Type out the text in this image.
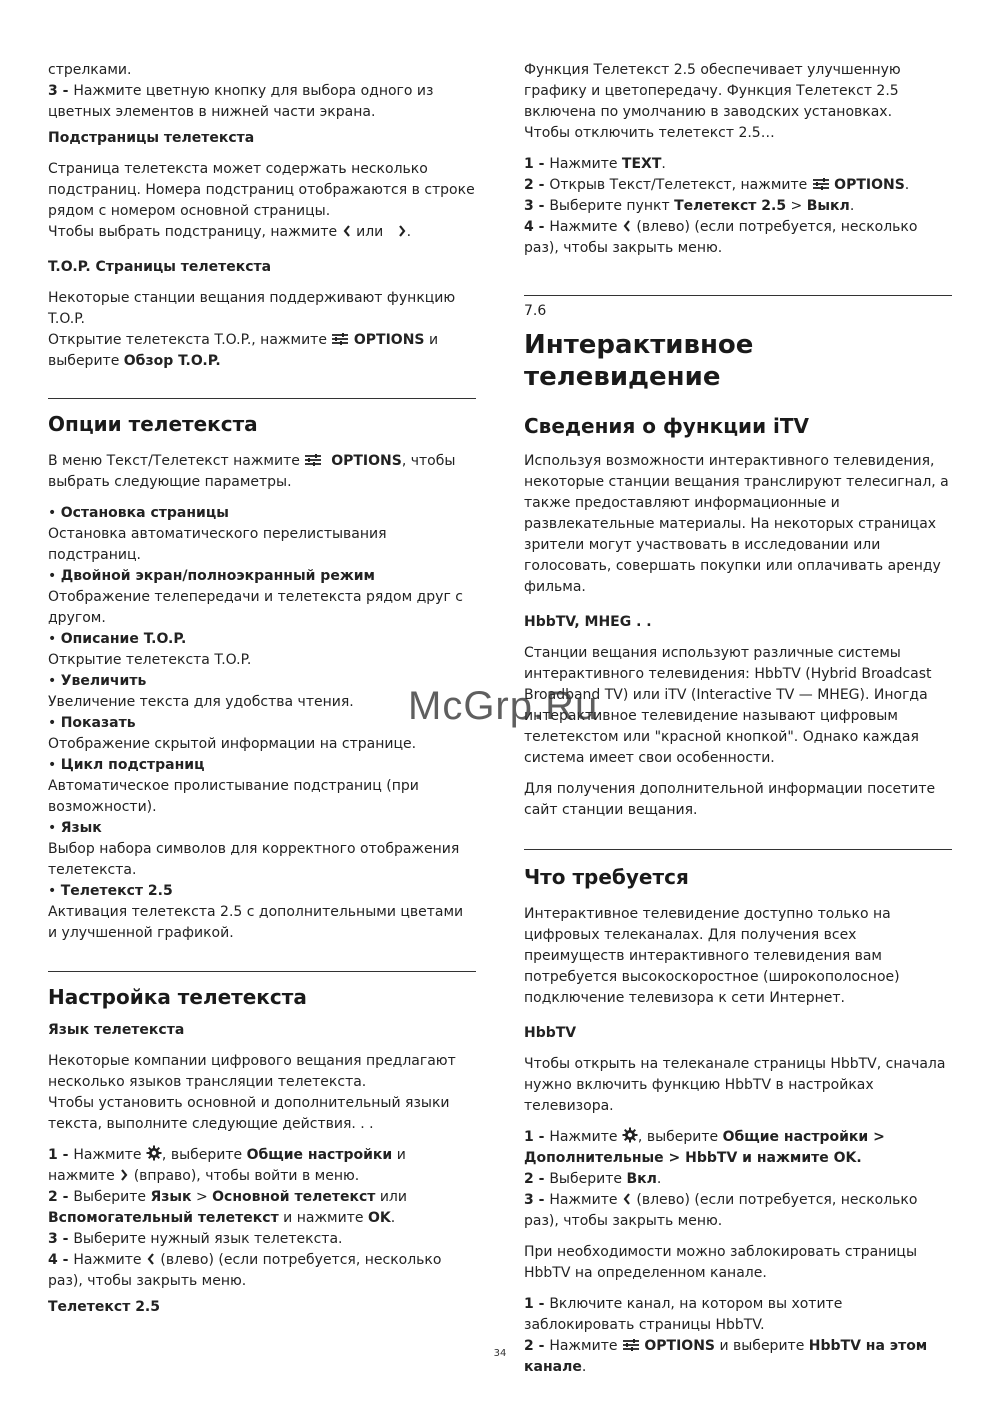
стрелками.

3 - Нажмите цветную кнопку для выбора одного из цветных элементов в нижней части экрана.

Подстраницы телетекста

Страница телетекста может содержать несколько подстраниц. Номера подстраниц отображаются в строке рядом с номером основной страницы.

Чтобы выбрать подстраницу, нажмите или .

T.O.P. Страницы телетекста

Некоторые станции вещания поддерживают функцию T.O.P.

Открытие телетекста T.O.P., нажмите OPTIONS и выберите Обзор T.O.P.

Опции телетекста

В меню Текст/Телетекст нажмите OPTIONS, чтобы выбрать следующие параметры.

• Остановка страницы

Остановка автоматического перелистывания подстраниц.

• Двойной экран/полноэкранный режим

Отображение телепередачи и телетекста рядом друг с другом.

• Описание T.O.P.

Открытие телетекста T.O.P.

• Увеличить

Увеличение текста для удобства чтения.

• Показать

Отображение скрытой информации на странице.

• Цикл подстраниц

Автоматическое пролистывание подстраниц (при возможности).

• Язык

Выбор набора символов для корректного отображения телетекста.

• Телетекст 2.5

Активация телетекста 2.5 с дополнительными цветами и улучшенной графикой.

Настройка телетекста

Язык телетекста

Некоторые компании цифрового вещания предлагают несколько языков трансляции телетекста.

Чтобы установить основной и дополнительный языки текста, выполните следующие действия. . .

1 - Нажмите , выберите Общие настройки и нажмите (вправо), чтобы войти в меню.

2 - Выберите Язык > Основной телетекст или Вспомогательный телетекст и нажмите OK.

3 - Выберите нужный язык телетекста.

4 - Нажмите (влево) (если потребуется, несколько раз), чтобы закрыть меню.

Телетекст 2.5

Функция Телетекст 2.5 обеспечивает улучшенную графику и цветопередачу. Функция Телетекст 2.5 включена по умолчанию в заводских установках.

Чтобы отключить телетекст 2.5…

1 - Нажмите TEXT.

2 - Открыв Текст/Телетекст, нажмите OPTIONS.

3 - Выберите пункт Телетекст 2.5 > Выкл.

4 - Нажмите (влево) (если потребуется, несколько раз), чтобы закрыть меню.

7.6

Интерактивное телевидение

Сведения о функции iTV

Используя возможности интерактивного телевидения, некоторые станции вещания транслируют телесигнал, а также предоставляют информационные и развлекательные материалы. На некоторых страницах зрители могут участвовать в исследовании или голосовать, совершать покупки или оплачивать аренду фильма.

HbbTV, MHEG . .

Станции вещания используют различные системы интерактивного телевидения: HbbTV (Hybrid Broadcast Broadband TV) или iTV (Interactive TV — MHEG). Иногда интерактивное телевидение называют цифровым телетекстом или "красной кнопкой". Однако каждая система имеет свои особенности.

Для получения дополнительной информации посетите сайт станции вещания.

Что требуется

Интерактивное телевидение доступно только на цифровых телеканалах. Для получения всех преимуществ интерактивного телевидения вам потребуется высокоскоростное (широкополосное) подключение телевизора к сети Интернет.

HbbTV

Чтобы открыть на телеканале страницы HbbTV, сначала нужно включить функцию HbbTV в настройках телевизора.

1 - Нажмите , выберите Общие настройки > Дополнительные > HbbTV и нажмите OK.

2 - Выберите Вкл.

3 - Нажмите (влево) (если потребуется, несколько раз), чтобы закрыть меню.

При необходимости можно заблокировать страницы HbbTV на определенном канале.

1 - Включите канал, на котором вы хотите заблокировать страницы HbbTV.

2 - Нажмите OPTIONS и выберите HbbTV на этом канале.

McGrp.Ru
34
